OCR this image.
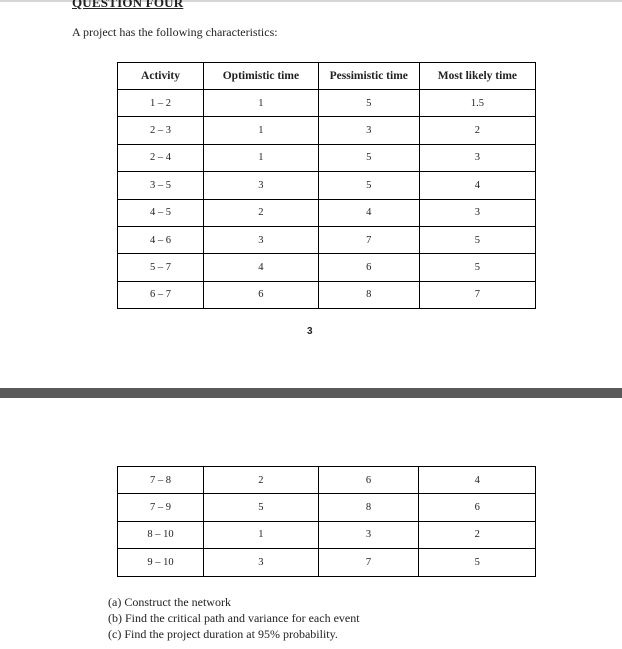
QUESTION FOUR
A project has the following characteristics:
Activity	Optimistic time	Pessimistic time	Most likely time
1 – 2	1	5	1.5
2 – 3	1	3	2
2 – 4	1	5	3
3 – 5	3	5	4
4 – 5	2	4	3
4 – 6	3	7	5
5 – 7	4	6	5
6 – 7	6	8	7
3
7 – 8	2	6	4
7 – 9	5	8	6
8 – 10	1	3	2
9 – 10	3	7	5
(a) Construct the network
(b) Find the critical path and variance for each event
(c) Find the project duration at 95% probability.
